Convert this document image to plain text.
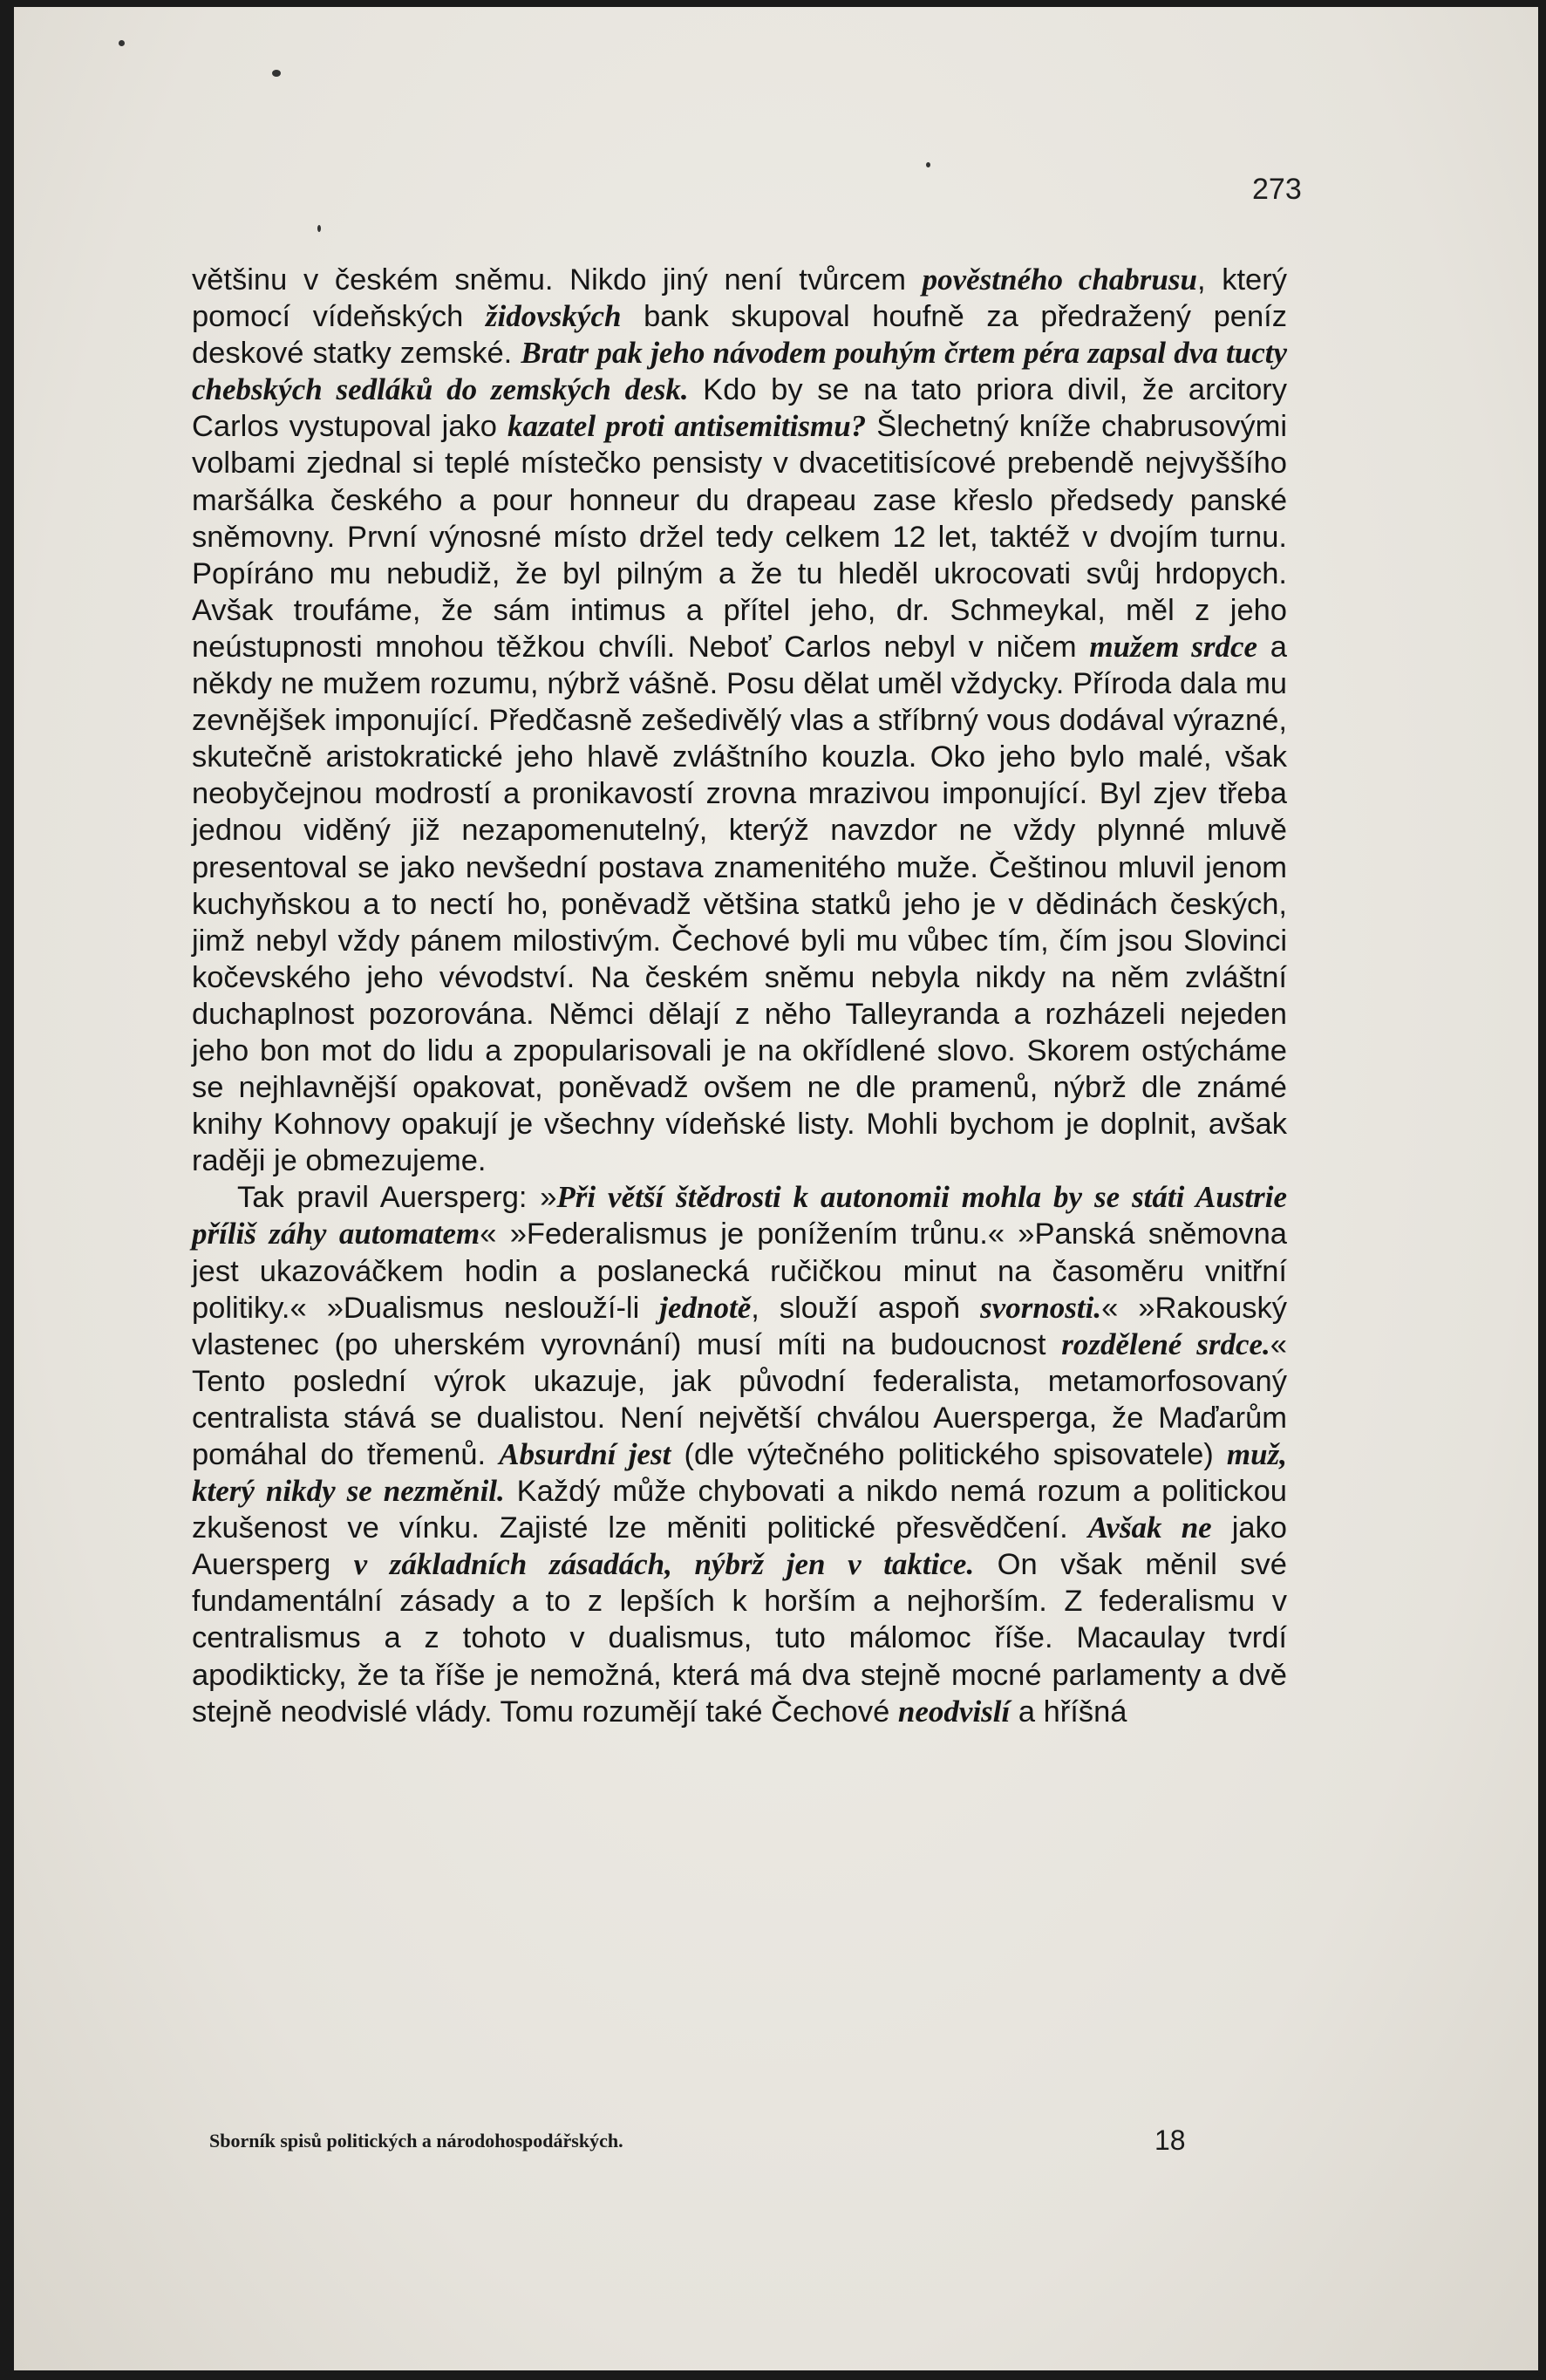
273

většinu v českém sněmu. Nikdo jiný není tvůrcem pověstného chabrusu, který pomocí vídeňských židovských bank skupoval houfně za předražený peníz deskové statky zemské. Bratr pak jeho návodem pouhým črtem péra zapsal dva tucty chebských sedláků do zemských desk. Kdo by se na tato priora divil, že arcitory Carlos vystupoval jako kazatel proti antisemitismu? Šlechetný kníže chabrusovými volbami zjednal si teplé místečko pensisty v dvacetitisícové prebendě nejvyššího maršálka českého a pour honneur du drapeau zase křeslo předsedy panské sněmovny. První výnosné místo držel tedy celkem 12 let, taktéž v dvojím turnu. Popíráno mu nebudiž, že byl pilným a že tu hleděl ukrocovati svůj hrdopych. Avšak troufáme, že sám intimus a přítel jeho, dr. Schmeykal, měl z jeho neústupnosti mnohou těžkou chvíli. Neboť Carlos nebyl v ničem mužem srdce a někdy ne mužem rozumu, nýbrž vášně. Posu dělat uměl vždycky. Příroda dala mu zevnějšek imponující. Předčasně zešedivělý vlas a stříbrný vous dodával výrazné, skutečně aristokratické jeho hlavě zvláštního kouzla. Oko jeho bylo malé, však neobyčejnou modrostí a pronikavostí zrovna mrazivou imponující. Byl zjev třeba jednou viděný již nezapomenutelný, kterýž navzdor ne vždy plynné mluvě presentoval se jako nevšední postava znamenitého muže. Češtinou mluvil jenom kuchyňskou a to nectí ho, poněvadž většina statků jeho je v dědinách českých, jimž nebyl vždy pánem milostivým. Čechové byli mu vůbec tím, čím jsou Slovinci kočevského jeho vévodství. Na českém sněmu nebyla nikdy na něm zvláštní duchaplnost pozorována. Němci dělají z něho Talleyranda a rozházeli nejeden jeho bon mot do lidu a zpopularisovali je na okřídlené slovo. Skorem ostýcháme se nejhlavnější opakovat, poněvadž ovšem ne dle pramenů, nýbrž dle známé knihy Kohnovy opakují je všechny vídeňské listy. Mohli bychom je doplnit, avšak raději je obmezujeme.

Tak pravil Auersperg: »Při větší štědrosti k autonomii mohla by se státi Austrie příliš záhy automatem« »Federalismus je ponížením trůnu.« »Panská sněmovna jest ukazováčkem hodin a poslanecká ručičkou minut na časoměru vnitřní politiky.« »Dualismus neslouží-li jednotě, slouží aspoň svornosti.« »Rakouský vlastenec (po uherském vyrovnání) musí míti na budoucnost rozdělené srdce.« Tento poslední výrok ukazuje, jak původní federalista, metamorfosovaný centralista stává se dualistou. Není největší chválou Auersperga, že Maďarům pomáhal do třemenů. Absurdní jest (dle výtečného politického spisovatele) muž, který nikdy se nezměnil. Každý může chybovati a nikdo nemá rozum a politickou zkušenost ve vínku. Zajisté lze měniti politické přesvědčení. Avšak ne jako Auersperg v základních zásadách, nýbrž jen v taktice. On však měnil své fundamentální zásady a to z lepších k horším a nejhorším. Z federalismu v centralismus a z tohoto v dualismus, tuto málomoc říše. Macaulay tvrdí apodikticky, že ta říše je nemožná, která má dva stejně mocné parlamenty a dvě stejně neodvislé vlády. Tomu rozumějí také Čechové neodvislí a hříšná

Sborník spisů politických a národohospodářských.	18
